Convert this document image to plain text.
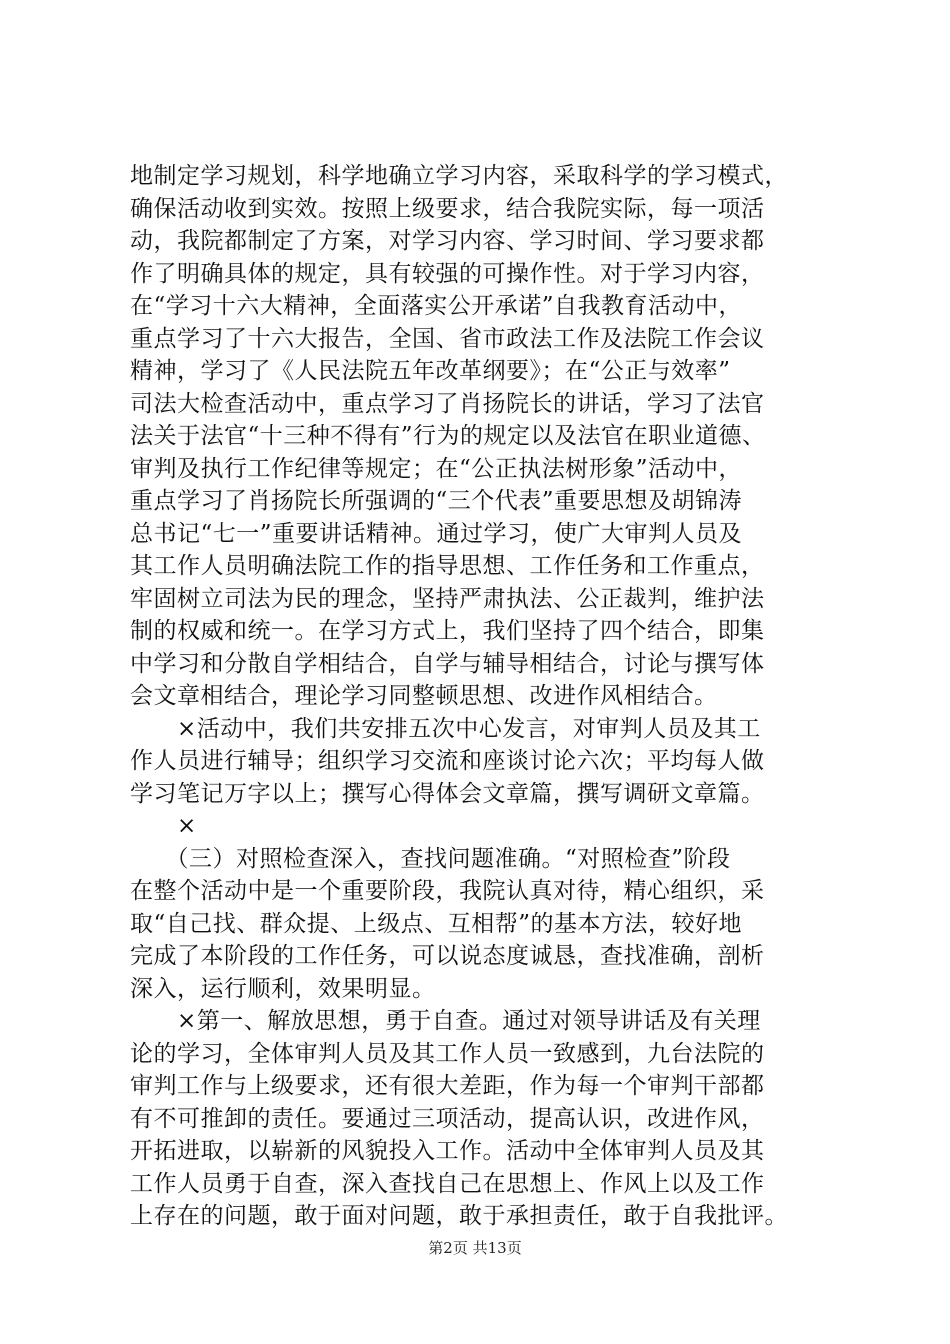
地制定学习规划，科学地确立学习内容，采取科学的学习模式，
确保活动收到实效。按照上级要求，结合我院实际，每一项活
动，我院都制定了方案，对学习内容、学习时间、学习要求都
作了明确具体的规定，具有较强的可操作性。对于学习内容，
在“学习十六大精神，全面落实公开承诺”自我教育活动中，
重点学习了十六大报告，全国、省市政法工作及法院工作会议
精神，学习了《人民法院五年改革纲要》；在“公正与效率”
司法大检查活动中，重点学习了肖扬院长的讲话，学习了法官
法关于法官“十三种不得有”行为的规定以及法官在职业道德、
审判及执行工作纪律等规定；在“公正执法树形象”活动中，
重点学习了肖扬院长所强调的“三个代表”重要思想及胡锦涛
总书记“七一”重要讲话精神。通过学习，使广大审判人员及
其工作人员明确法院工作的指导思想、工作任务和工作重点，
牢固树立司法为民的理念，坚持严肃执法、公正裁判，维护法
制的权威和统一。在学习方式上，我们坚持了四个结合，即集
中学习和分散自学相结合，自学与辅导相结合，讨论与撰写体
会文章相结合，理论学习同整顿思想、改进作风相结合。
　　×活动中，我们共安排五次中心发言，对审判人员及其工
作人员进行辅导；组织学习交流和座谈讨论六次；平均每人做
学习笔记万字以上；撰写心得体会文章篇，撰写调研文章篇。
　　×
　　（三）对照检查深入，查找问题准确。“对照检查”阶段
在整个活动中是一个重要阶段，我院认真对待，精心组织，采
取“自己找、群众提、上级点、互相帮”的基本方法，较好地
完成了本阶段的工作任务，可以说态度诚恳，查找准确，剖析
深入，运行顺利，效果明显。
　　×第一、解放思想，勇于自查。通过对领导讲话及有关理
论的学习，全体审判人员及其工作人员一致感到，九台法院的
审判工作与上级要求，还有很大差距，作为每一个审判干部都
有不可推卸的责任。要通过三项活动，提高认识，改进作风，
开拓进取，以崭新的风貌投入工作。活动中全体审判人员及其
工作人员勇于自查，深入查找自己在思想上、作风上以及工作
上存在的问题，敢于面对问题，敢于承担责任，敢于自我批评。
第2页 共13页
